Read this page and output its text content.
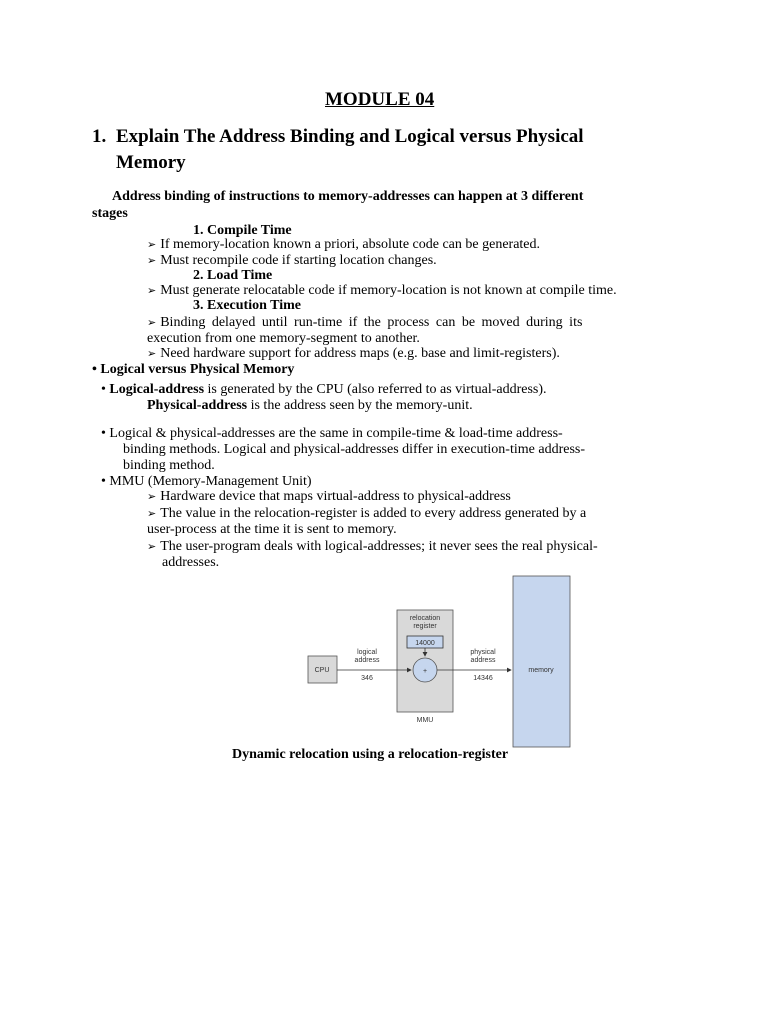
MODULE 04
1. Explain The Address Binding and Logical versus Physical
Memory
Address binding of instructions to memory-addresses can happen at 3 different
stages
1. Compile Time
➢ If memory-location known a priori, absolute code can be generated.
➢ Must recompile code if starting location changes.
2. Load Time
➢ Must generate relocatable code if memory-location is not known at compile time.
3. Execution Time
➢ Binding delayed until run-time if the process can be moved during its
execution from one memory-segment to another.
➢ Need hardware support for address maps (e.g. base and limit-registers).
• Logical versus Physical Memory
• Logical-address is generated by the CPU (also referred to as virtual-address).
Physical-address is the address seen by the memory-unit.
• Logical & physical-addresses are the same in compile-time & load-time address-
binding methods. Logical and physical-addresses differ in execution-time address-
binding method.
• MMU (Memory-Management Unit)
➢ Hardware device that maps virtual-address to physical-address
➢ The value in the relocation-register is added to every address generated by a
user-process at the time it is sent to memory.
➢ The user-program deals with logical-addresses; it never sees the real physical-
addresses.
memory
relocation
register
14000
+
MMU
CPU
logical
address
346
physical
address
14346
Dynamic relocation using a relocation-register
